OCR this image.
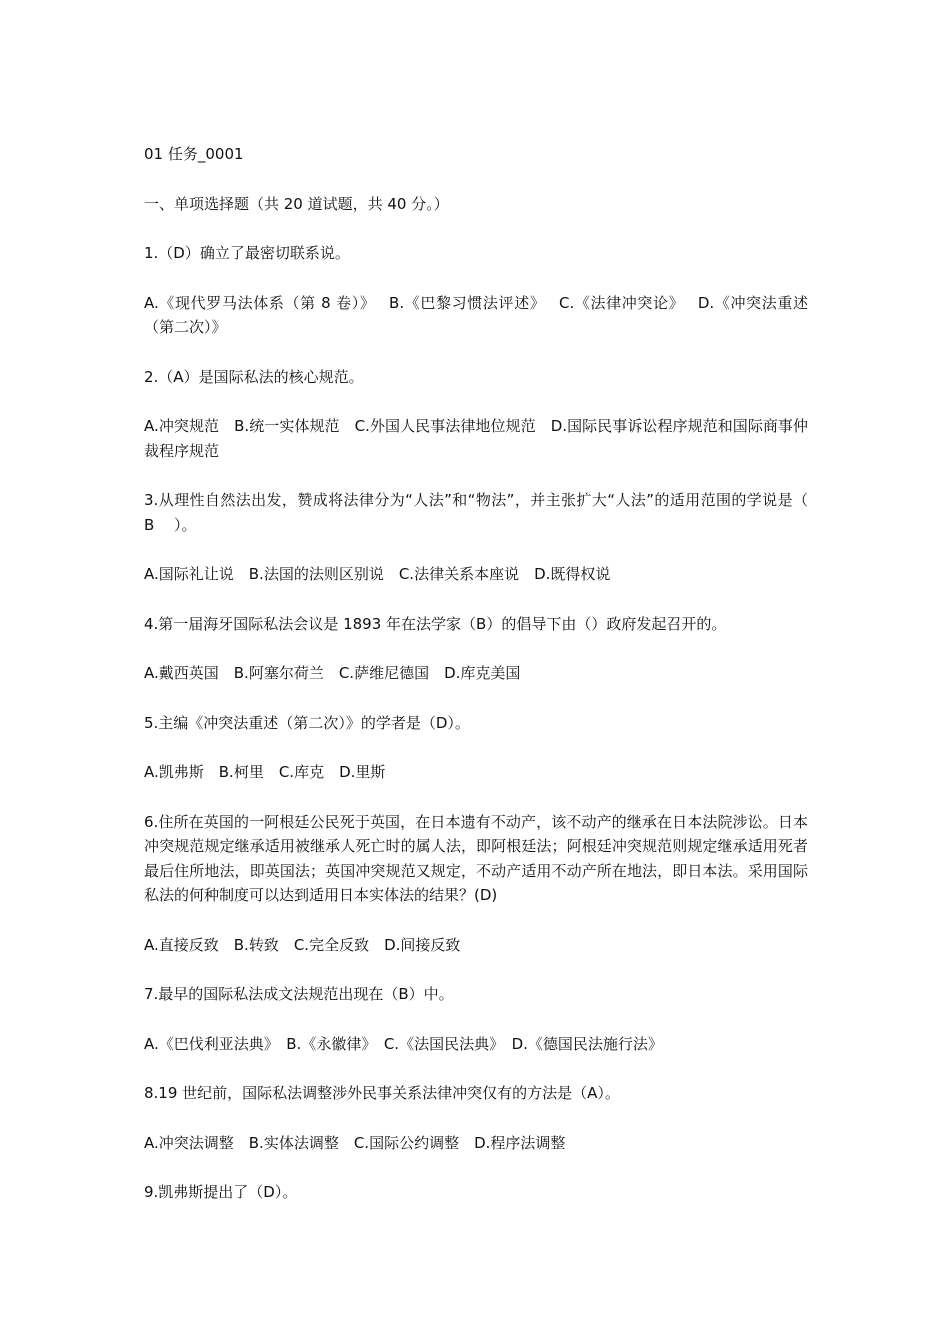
01 任务_0001

一、单项选择题（共 20 道试题，共 40 分。）

1.（D）确立了最密切联系说。

A.《现代罗马法体系（第 8 卷）》　 B.《巴黎习惯法评述》　 C.《法律冲突论》　 D.《冲突法重述（第二次）》

2.（A）是国际私法的核心规范。

A.冲突规范　B.统一实体规范　C.外国人民事法律地位规范　D.国际民事诉讼程序规范和国际商事仲裁程序规范

3.从理性自然法出发，赞成将法律分为“人法”和“物法”，并主张扩大“人法”的适用范围的学说是（　 B　 ）。

A.国际礼让说　B.法国的法则区别说　C.法律关系本座说　D.既得权说

4.第一届海牙国际私法会议是 1893 年在法学家（B）的倡导下由（）政府发起召开的。

A.戴西英国　B.阿塞尔荷兰　C.萨维尼德国　D.库克美国

5.主编《冲突法重述（第二次）》的学者是（D）。

A.凯弗斯　B.柯里　C.库克　D.里斯

6.住所在英国的一阿根廷公民死于英国，在日本遗有不动产，该不动产的继承在日本法院涉讼。日本冲突规范规定继承适用被继承人死亡时的属人法，即阿根廷法；阿根廷冲突规范则规定继承适用死者最后住所地法，即英国法；英国冲突规范又规定，不动产适用不动产所在地法，即日本法。采用国际私法的何种制度可以达到适用日本实体法的结果？(D)

A.直接反致　B.转致　C.完全反致　D.间接反致

7.最早的国际私法成文法规范出现在（B）中。

A.《巴伐利亚法典》　B.《永徽律》　C.《法国民法典》　D.《德国民法施行法》

8.19 世纪前，国际私法调整涉外民事关系法律冲突仅有的方法是（A）。

A.冲突法调整　B.实体法调整　C.国际公约调整　D.程序法调整

9.凯弗斯提出了（D）。
